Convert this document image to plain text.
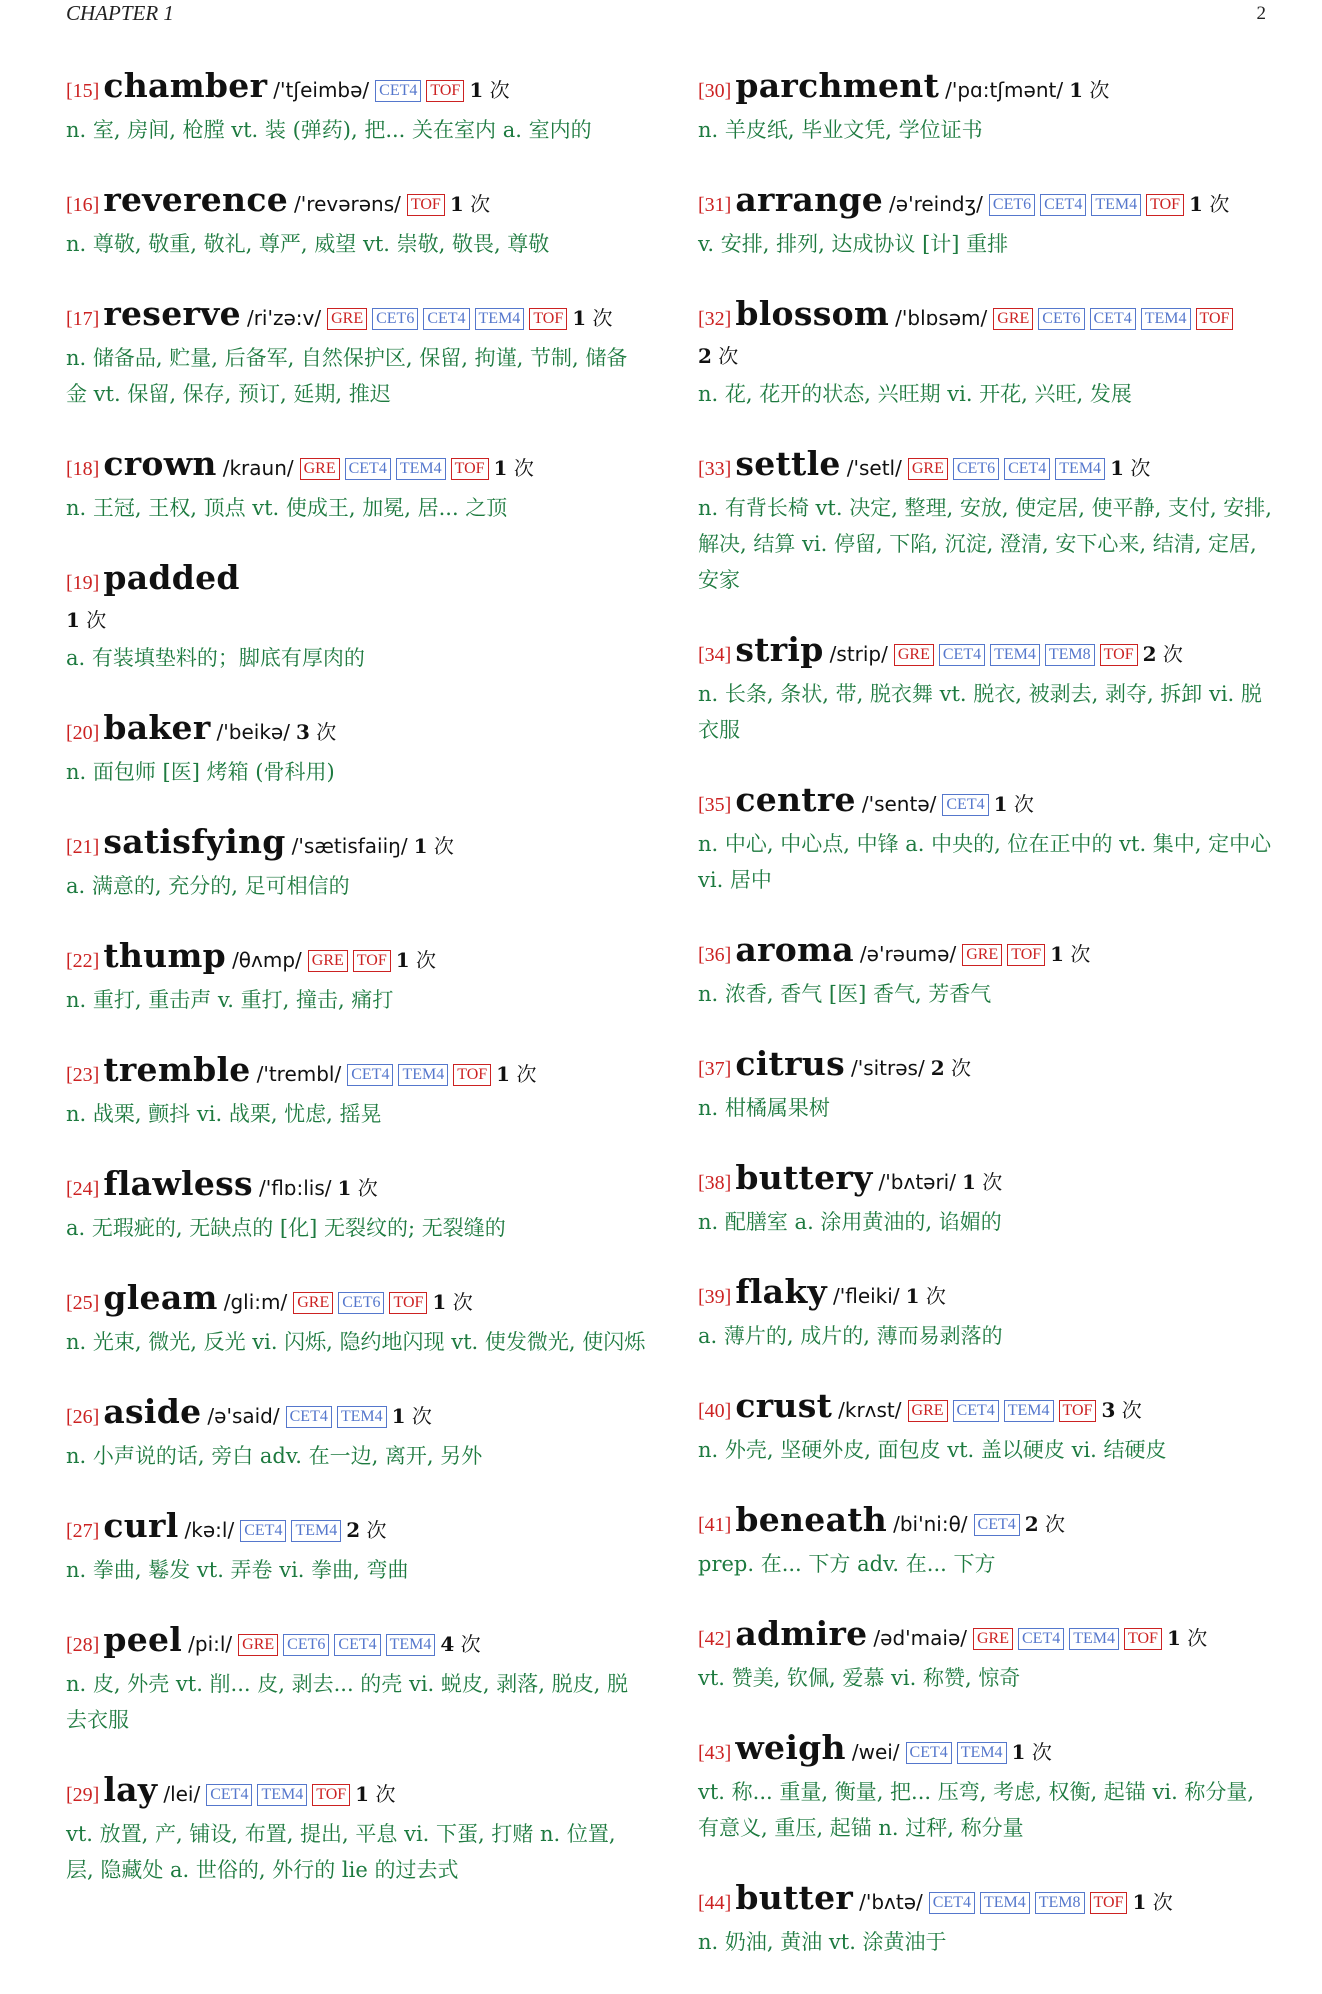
CHAPTER 1	2
[15] chamber /'tʃeimbə/ CET4 TOF 1 次
n. 室, 房间, 枪膛 vt. 装 (弹药), 把... 关在室内 a. 室内的
[16] reverence /'revərəns/ TOF 1 次
n. 尊敬, 敬重, 敬礼, 尊严, 威望 vt. 崇敬, 敬畏, 尊敬
[17] reserve /ri'zə:v/ GRE CET6 CET4 TEM4 TOF 1 次
n. 储备品, 贮量, 后备军, 自然保护区, 保留, 拘谨, 节制, 储备金 vt. 保留, 保存, 预订, 延期, 推迟
[18] crown /kraun/ GRE CET4 TEM4 TOF 1 次
n. 王冠, 王权, 顶点 vt. 使成王, 加冕, 居... 之顶
[19] padded
1 次
a. 有装填垫料的；脚底有厚肉的
[20] baker /'beikə/ 3 次
n. 面包师 [医] 烤箱 (骨科用)
[21] satisfying /'sætisfaiiŋ/ 1 次
a. 满意的, 充分的, 足可相信的
[22] thump /θʌmp/ GRE TOF 1 次
n. 重打, 重击声 v. 重打, 撞击, 痛打
[23] tremble /'trembl/ CET4 TEM4 TOF 1 次
n. 战栗, 颤抖 vi. 战栗, 忧虑, 摇晃
[24] flawless /'flɒ:lis/ 1 次
a. 无瑕疵的, 无缺点的 [化] 无裂纹的; 无裂缝的
[25] gleam /gli:m/ GRE CET6 TOF 1 次
n. 光束, 微光, 反光 vi. 闪烁, 隐约地闪现 vt. 使发微光, 使闪烁
[26] aside /ə'said/ CET4 TEM4 1 次
n. 小声说的话, 旁白 adv. 在一边, 离开, 另外
[27] curl /kə:l/ CET4 TEM4 2 次
n. 拳曲, 鬈发 vt. 弄卷 vi. 拳曲, 弯曲
[28] peel /pi:l/ GRE CET6 CET4 TEM4 4 次
n. 皮, 外壳 vt. 削... 皮, 剥去... 的壳 vi. 蜕皮, 剥落, 脱皮, 脱去衣服
[29] lay /lei/ CET4 TEM4 TOF 1 次
vt. 放置, 产, 铺设, 布置, 提出, 平息 vi. 下蛋, 打赌 n. 位置, 层, 隐藏处 a. 世俗的, 外行的 lie 的过去式
[30] parchment /'pɑ:tʃmənt/ 1 次
n. 羊皮纸, 毕业文凭, 学位证书
[31] arrange /ə'reindʒ/ CET6 CET4 TEM4 TOF 1 次
v. 安排, 排列, 达成协议 [计] 重排
[32] blossom /'blɒsəm/ GRE CET6 CET4 TEM4 TOF
2 次
n. 花, 花开的状态, 兴旺期 vi. 开花, 兴旺, 发展
[33] settle /'setl/ GRE CET6 CET4 TEM4 1 次
n. 有背长椅 vt. 决定, 整理, 安放, 使定居, 使平静, 支付, 安排, 解决, 结算 vi. 停留, 下陷, 沉淀, 澄清, 安下心来, 结清, 定居, 安家
[34] strip /strip/ GRE CET4 TEM4 TEM8 TOF 2 次
n. 长条, 条状, 带, 脱衣舞 vt. 脱衣, 被剥去, 剥夺, 拆卸 vi. 脱衣服
[35] centre /'sentə/ CET4 1 次
n. 中心, 中心点, 中锋 a. 中央的, 位在正中的 vt. 集中, 定中心 vi. 居中
[36] aroma /ə'rəumə/ GRE TOF 1 次
n. 浓香, 香气 [医] 香气, 芳香气
[37] citrus /'sitrəs/ 2 次
n. 柑橘属果树
[38] buttery /'bʌtəri/ 1 次
n. 配膳室 a. 涂用黄油的, 谄媚的
[39] flaky /'fleiki/ 1 次
a. 薄片的, 成片的, 薄而易剥落的
[40] crust /krʌst/ GRE CET4 TEM4 TOF 3 次
n. 外壳, 坚硬外皮, 面包皮 vt. 盖以硬皮 vi. 结硬皮
[41] beneath /bi'ni:θ/ CET4 2 次
prep. 在... 下方 adv. 在... 下方
[42] admire /əd'maiə/ GRE CET4 TEM4 TOF 1 次
vt. 赞美, 钦佩, 爱慕 vi. 称赞, 惊奇
[43] weigh /wei/ CET4 TEM4 1 次
vt. 称... 重量, 衡量, 把... 压弯, 考虑, 权衡, 起锚 vi. 称分量, 有意义, 重压, 起锚 n. 过秤, 称分量
[44] butter /'bʌtə/ CET4 TEM4 TEM8 TOF 1 次
n. 奶油, 黄油 vt. 涂黄油于
